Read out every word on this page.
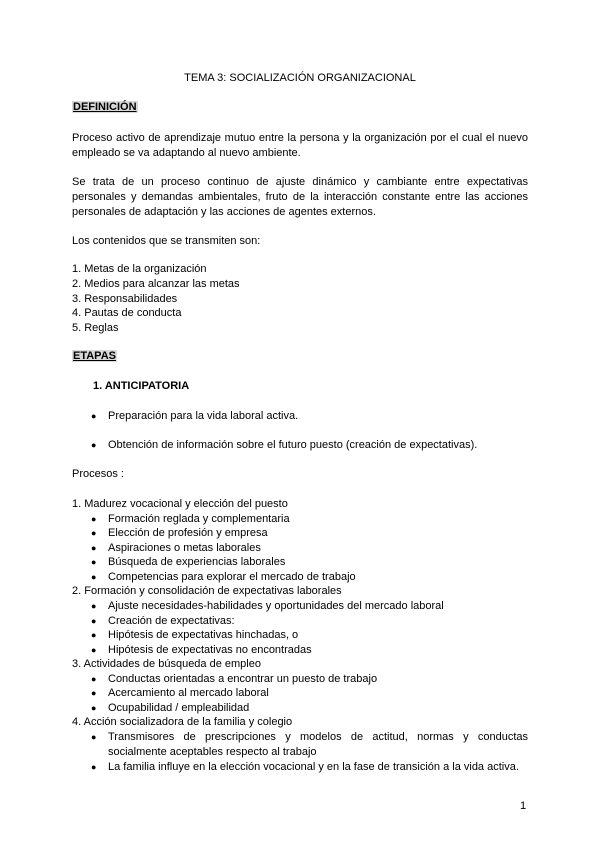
TEMA 3: SOCIALIZACIÓN ORGANIZACIONAL
DEFINICIÓN

Proceso activo de aprendizaje mutuo entre la persona y la organización por el cual el nuevo empleado se va adaptando al nuevo ambiente.

Se trata de un proceso continuo de ajuste dinámico y cambiante entre expectativas personales y demandas ambientales, fruto de la interacción constante entre las acciones personales de adaptación y las acciones de agentes externos.

Los contenidos que se transmiten son:
1. Metas de la organización
2. Medios para alcanzar las metas
3. Responsabilidades
4. Pautas de conducta
5. Reglas
ETAPAS
1. ANTICIPATORIA
● Preparación para la vida laboral activa.
● Obtención de información sobre el futuro puesto (creación de expectativas).
Procesos :
1. Madurez vocacional y elección del puesto
● Formación reglada y complementaria
● Elección de profesión y empresa
● Aspiraciones o metas laborales
● Búsqueda de experiencias laborales
● Competencias para explorar el mercado de trabajo
2. Formación y consolidación de expectativas laborales
● Ajuste necesidades-habilidades y oportunidades del mercado laboral
● Creación de expectativas:
● Hipótesis de expectativas hinchadas, o
● Hipótesis de expectativas no encontradas
3. Actividades de búsqueda de empleo
● Conductas orientadas a encontrar un puesto de trabajo
● Acercamiento al mercado laboral
● Ocupabilidad / empleabilidad
4. Acción socializadora de la familia y colegio
● Transmisores de prescripciones y modelos de actitud, normas y conductas socialmente aceptables respecto al trabajo
● La familia influye en la elección vocacional y en la fase de transición a la vida activa.
1
